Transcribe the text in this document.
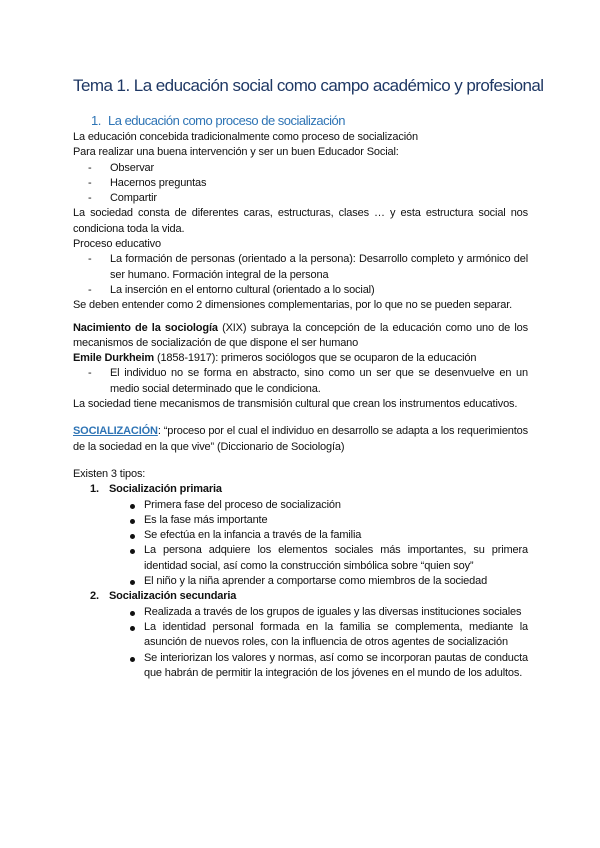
Tema 1. La educación social como campo académico y profesional
1. La educación como proceso de socialización

La educación concebida tradicionalmente como proceso de socialización

Para realizar una buena intervención y ser un buen Educador Social:

- Observar
- Hacernos preguntas
- Compartir

La sociedad consta de diferentes caras, estructuras, clases … y esta estructura social nos condiciona toda la vida.

Proceso educativo

- La formación de personas (orientado a la persona): Desarrollo completo y armónico del ser humano. Formación integral de la persona
- La inserción en el entorno cultural (orientado a lo social)

Se deben entender como 2 dimensiones complementarias, por lo que no se pueden separar.

Nacimiento de la sociología (XIX) subraya la concepción de la educación como uno de los mecanismos de socialización de que dispone el ser humano

Emile Durkheim (1858-1917): primeros sociólogos que se ocuparon de la educación

- El individuo no se forma en abstracto, sino como un ser que se desenvuelve en un medio social determinado que le condiciona.

La sociedad tiene mecanismos de transmisión cultural que crean los instrumentos educativos.

SOCIALIZACIÓN: “proceso por el cual el individuo en desarrollo se adapta a los requerimientos de la sociedad en la que vive” (Diccionario de Sociología)

Existen 3 tipos:

1. Socialización primaria
Primera fase del proceso de socialización
Es la fase más importante
Se efectúa en la infancia a través de la familia
La persona adquiere los elementos sociales más importantes, su primera identidad social, así como la construcción simbólica sobre “quien soy”
El niño y la niña aprender a comportarse como miembros de la sociedad
2. Socialización secundaria
Realizada a través de los grupos de iguales y las diversas instituciones sociales
La identidad personal formada en la familia se complementa, mediante la asunción de nuevos roles, con la influencia de otros agentes de socialización
Se interiorizan los valores y normas, así como se incorporan pautas de conducta que habrán de permitir la integración de los jóvenes en el mundo de los adultos.
